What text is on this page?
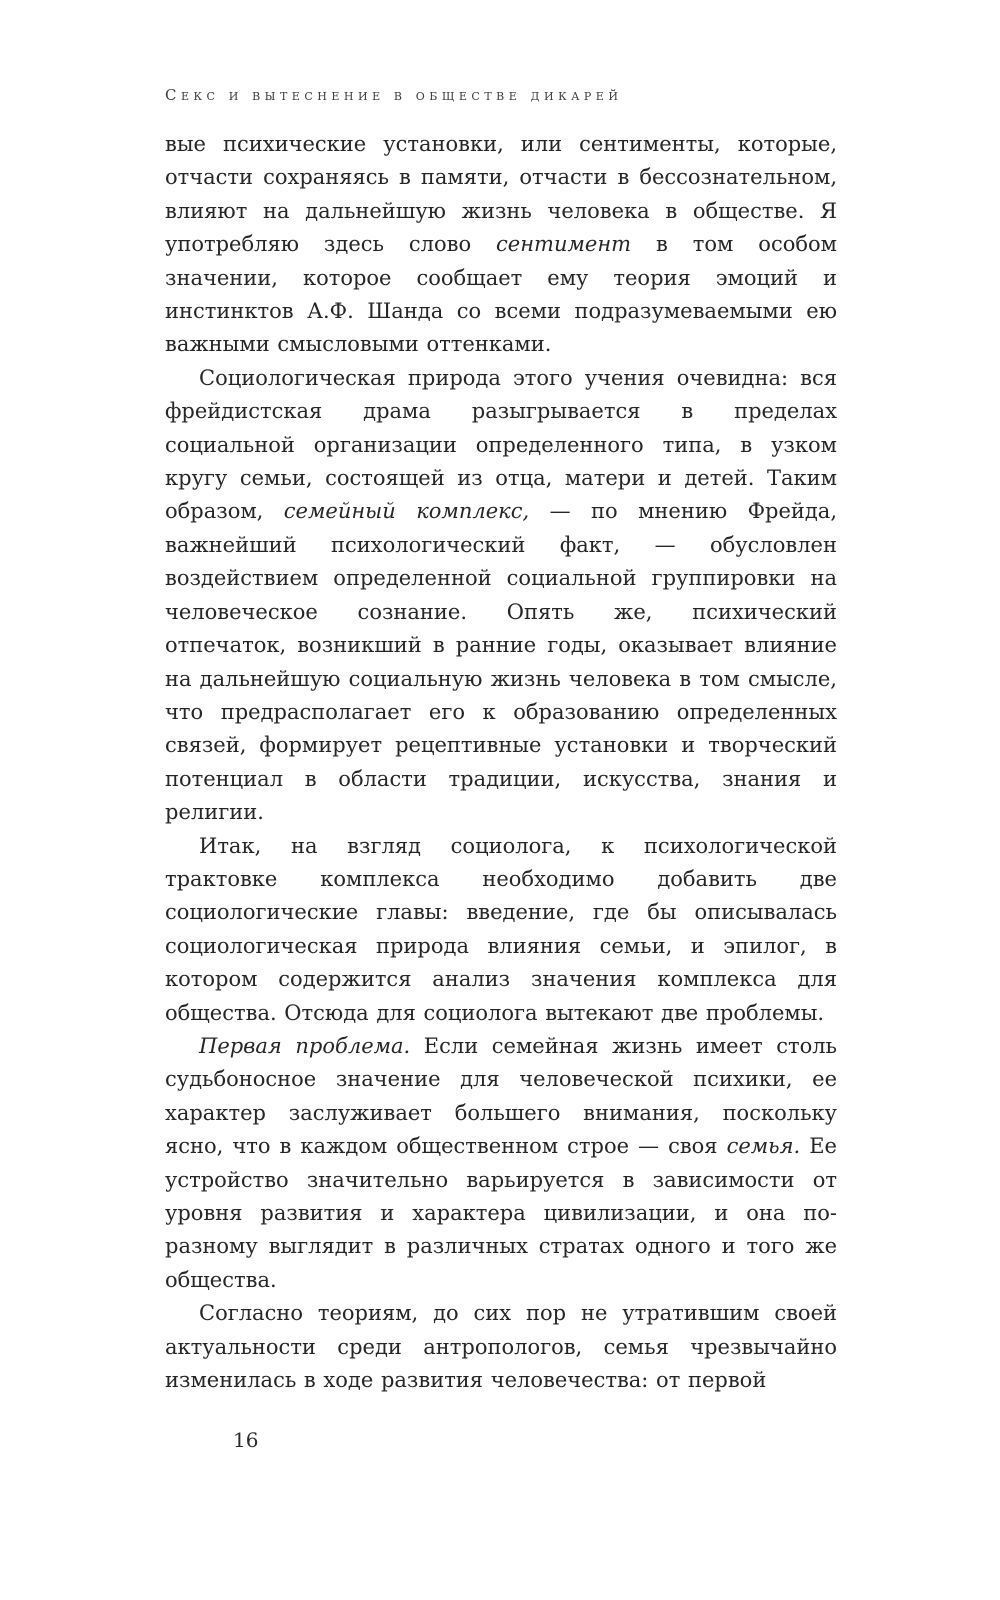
Секс и вытеснение в обществе дикарей

вые психические установки, или сентименты, которые, отчасти сохраняясь в памяти, отчасти в бессознательном, влияют на дальнейшую жизнь человека в обществе. Я употребляю здесь слово сентимент в том особом значении, которое сообщает ему теория эмоций и инстинктов А.Ф. Шанда со всеми подразумеваемыми ею важными смысловыми оттенками.

Социологическая природа этого учения очевидна: вся фрейдистская драма разыгрывается в пределах социальной организации определенного типа, в узком кругу семьи, состоящей из отца, матери и детей. Таким образом, семейный комплекс, — по мнению Фрейда, важнейший психологический факт, — обусловлен воздействием определенной социальной группировки на человеческое сознание. Опять же, психический отпечаток, возникший в ранние годы, оказывает влияние на дальнейшую социальную жизнь человека в том смысле, что предрасполагает его к образованию определенных связей, формирует рецептивные установки и творческий потенциал в области традиции, искусства, знания и религии.

Итак, на взгляд социолога, к психологической трактовке комплекса необходимо добавить две социологические главы: введение, где бы описывалась социологическая природа влияния семьи, и эпилог, в котором содержится анализ значения комплекса для общества. Отсюда для социолога вытекают две проблемы.

Первая проблема. Если семейная жизнь имеет столь судьбоносное значение для человеческой психики, ее характер заслуживает большего внимания, поскольку ясно, что в каждом общественном строе — своя семья. Ее устройство значительно варьируется в зависимости от уровня развития и характера цивилизации, и она по-разному выглядит в различных стратах одного и того же общества.

Согласно теориям, до сих пор не утратившим своей актуальности среди антропологов, семья чрезвычайно изменилась в ходе развития человечества: от первой

16
